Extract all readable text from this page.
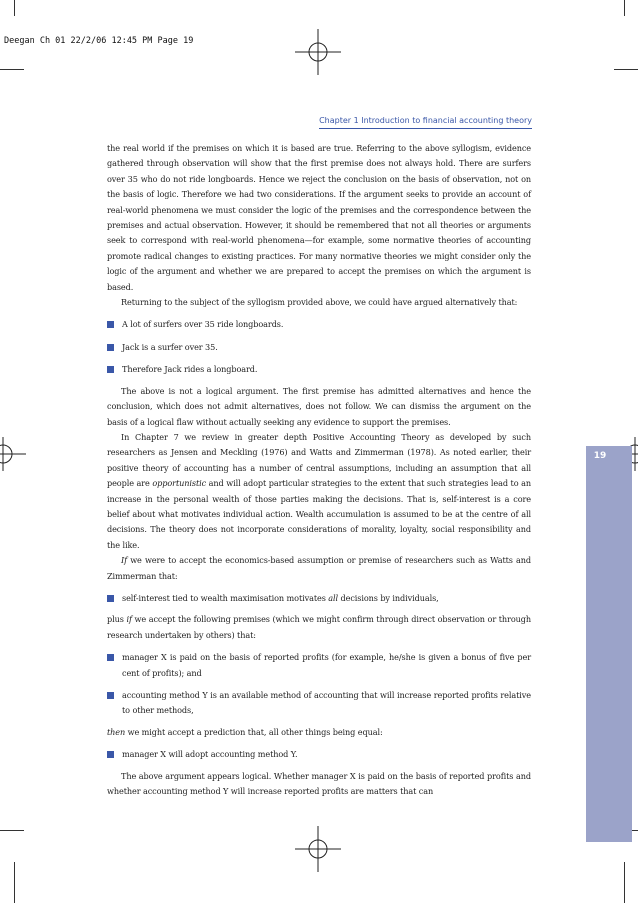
Deegan Ch 01 22/2/06 12:45 PM Page 19
Chapter 1 Introduction to financial accounting theory
19

the real world if the premises on which it is based are true. Referring to the above syllogism, evidence gathered through observation will show that the first premise does not always hold. There are surfers over 35 who do not ride longboards. Hence we reject the conclusion on the basis of observation, not on the basis of logic. Therefore we had two considerations. If the argument seeks to provide an account of real-world phenomena we must consider the logic of the premises and the correspondence between the premises and actual observation. However, it should be remembered that not all theories or arguments seek to correspond with real-world phenomena—for example, some normative theories of accounting promote radical changes to existing practices. For many normative theories we might consider only the logic of the argument and whether we are prepared to accept the premises on which the argument is based.

Returning to the subject of the syllogism provided above, we could have argued alternatively that:

A lot of surfers over 35 ride longboards.
Jack is a surfer over 35.
Therefore Jack rides a longboard.

The above is not a logical argument. The first premise has admitted alternatives and hence the conclusion, which does not admit alternatives, does not follow. We can dismiss the argument on the basis of a logical flaw without actually seeking any evidence to support the premises.

In Chapter 7 we review in greater depth Positive Accounting Theory as developed by such researchers as Jensen and Meckling (1976) and Watts and Zimmerman (1978). As noted earlier, their positive theory of accounting has a number of central assumptions, including an assumption that all people are opportunistic and will adopt particular strategies to the extent that such strategies lead to an increase in the personal wealth of those parties making the decisions. That is, self-interest is a core belief about what motivates individual action. Wealth accumulation is assumed to be at the centre of all decisions. The theory does not incorporate considerations of morality, loyalty, social responsibility and the like.

If we were to accept the economics-based assumption or premise of researchers such as Watts and Zimmerman that:

self-interest tied to wealth maximisation motivates all decisions by individuals,

plus if we accept the following premises (which we might confirm through direct observation or through research undertaken by others) that:

manager X is paid on the basis of reported profits (for example, he/she is given a bonus of five per cent of profits); and
accounting method Y is an available method of accounting that will increase reported profits relative to other methods,

then we might accept a prediction that, all other things being equal:

manager X will adopt accounting method Y.

The above argument appears logical. Whether manager X is paid on the basis of reported profits and whether accounting method Y will increase reported profits are matters that can
